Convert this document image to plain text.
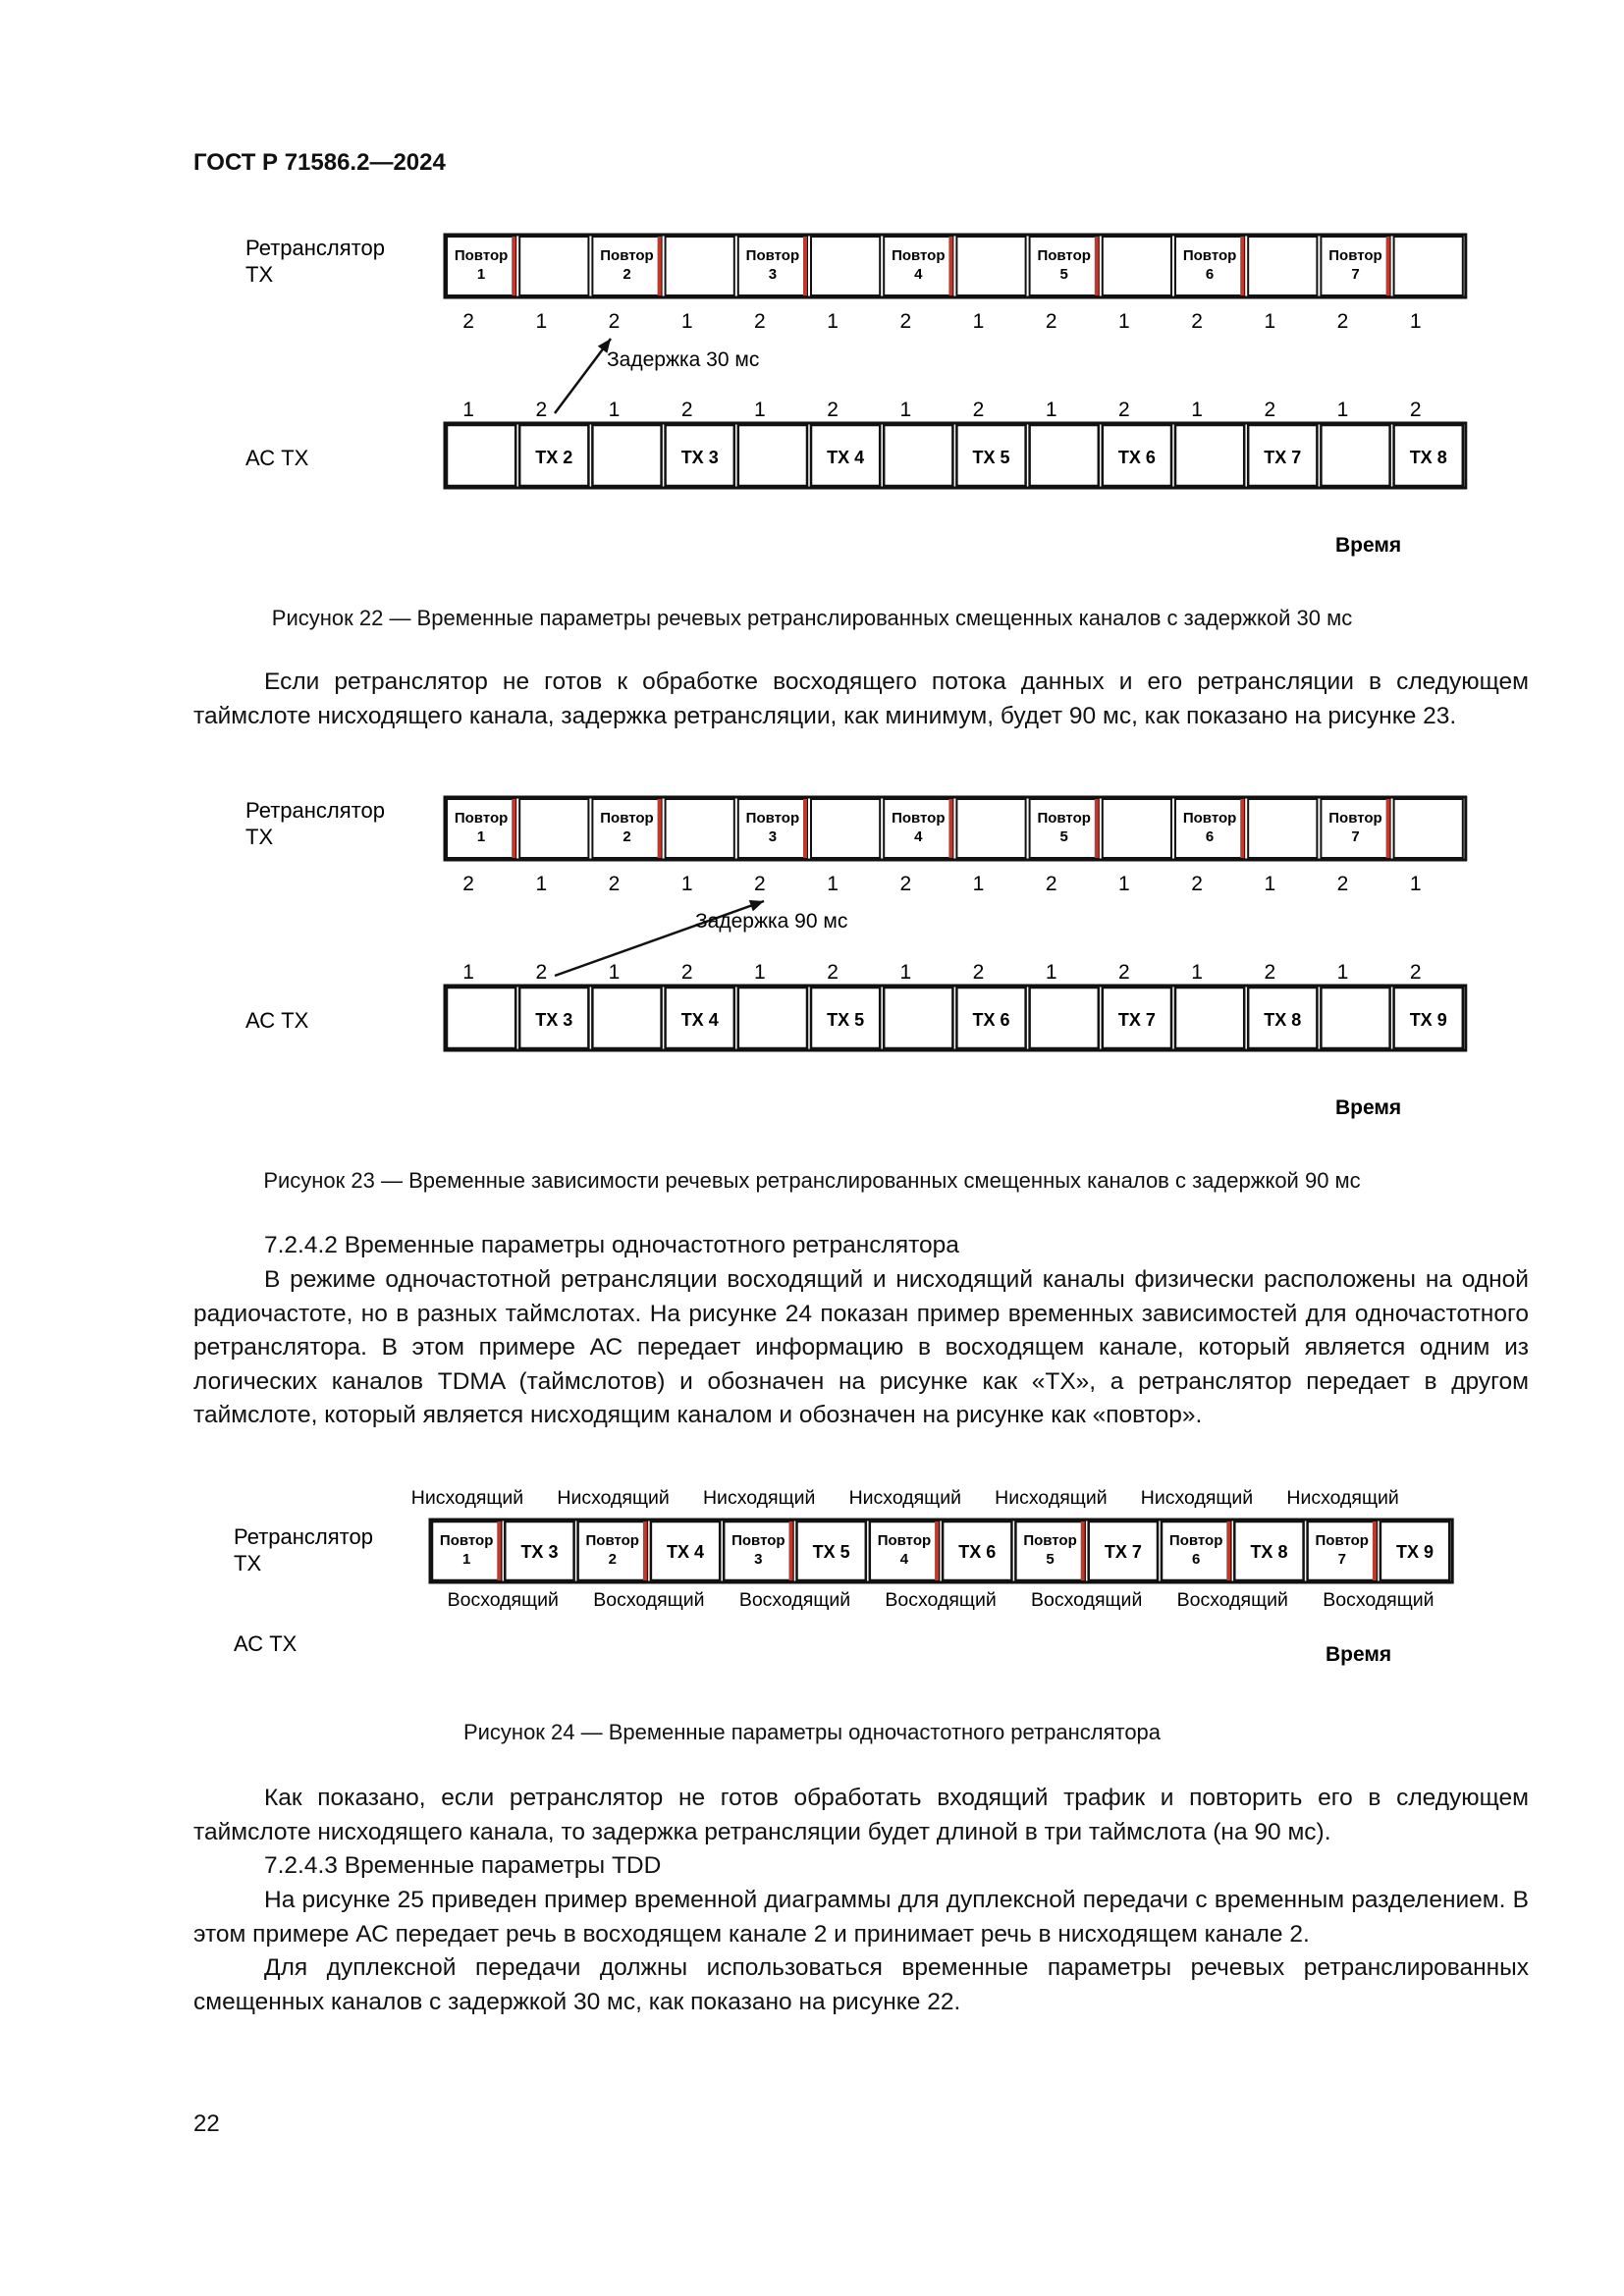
ГОСТ Р 71586.2—2024
Ретранслятор
TX
АС TX
Повтор
1
Повтор
2
Повтор
3
Повтор
4
Повтор
5
Повтор
6
Повтор
7
2	1	2	1	2	1	2	1	2	1	2	1	2	1
1	2	1	2	1	2	1	2	1	2	1	2	1	2
TX 2	TX 3	TX 4	TX 5	TX 6	TX 7	TX 8
Задержка 30 мс
Время
Рисунок 22 — Временные параметры речевых ретранслированных смещенных каналов с задержкой 30 мс

Если ретранслятор не готов к обработке восходящего потока данных и его ретрансляции в следующем таймслоте нисходящего канала, задержка ретрансляции, как минимум, будет 90 мс, как показано на рисунке 23.

Ретранслятор
TX
АС TX
Повтор
1
Повтор
2
Повтор
3
Повтор
4
Повтор
5
Повтор
6
Повтор
7
2	1	2	1	2	1	2	1	2	1	2	1	2	1
1	2	1	2	1	2	1	2	1	2	1	2	1	2
TX 3	TX 4	TX 5	TX 6	TX 7	TX 8	TX 9
Задержка 90 мс
Время
Рисунок 23 — Временные зависимости речевых ретранслированных смещенных каналов с задержкой 90 мс

7.2.4.2 Временные параметры одночастотного ретранслятора

В режиме одночастотной ретрансляции восходящий и нисходящий каналы физически расположены на одной радиочастоте, но в разных таймслотах. На рисунке 24 показан пример временных зависимостей для одночастотного ретранслятора. В этом примере АС передает информацию в восходящем канале, который является одним из логических каналов TDMA (таймслотов) и обозначен на рисунке как «TX», а ретранслятор передает в другом таймслоте, который является нисходящим каналом и обозначен на рисунке как «повтор».

Ретранслятор
TX
АС TX
Нисходящий Нисходящий Нисходящий Нисходящий Нисходящий Нисходящий Нисходящий
Повтор
1	TX 3
Повтор
2	TX 4
Повтор
3	TX 5
Повтор
4	TX 6
Повтор
5	TX 7
Повтор
6	TX 8
Повтор
7	TX 9
Восходящий Восходящий Восходящий Восходящий Восходящий Восходящий Восходящий
Время
Рисунок 24 — Временные параметры одночастотного ретранслятора

Как показано, если ретранслятор не готов обработать входящий трафик и повторить его в следующем таймслоте нисходящего канала, то задержка ретрансляции будет длиной в три таймслота (на 90 мс).

7.2.4.3 Временные параметры TDD

На рисунке 25 приведен пример временной диаграммы для дуплексной передачи с временным разделением. В этом примере АС передает речь в восходящем канале 2 и принимает речь в нисходящем канале 2.

Для дуплексной передачи должны использоваться временные параметры речевых ретранслированных смещенных каналов с задержкой 30 мс, как показано на рисунке 22.

22
